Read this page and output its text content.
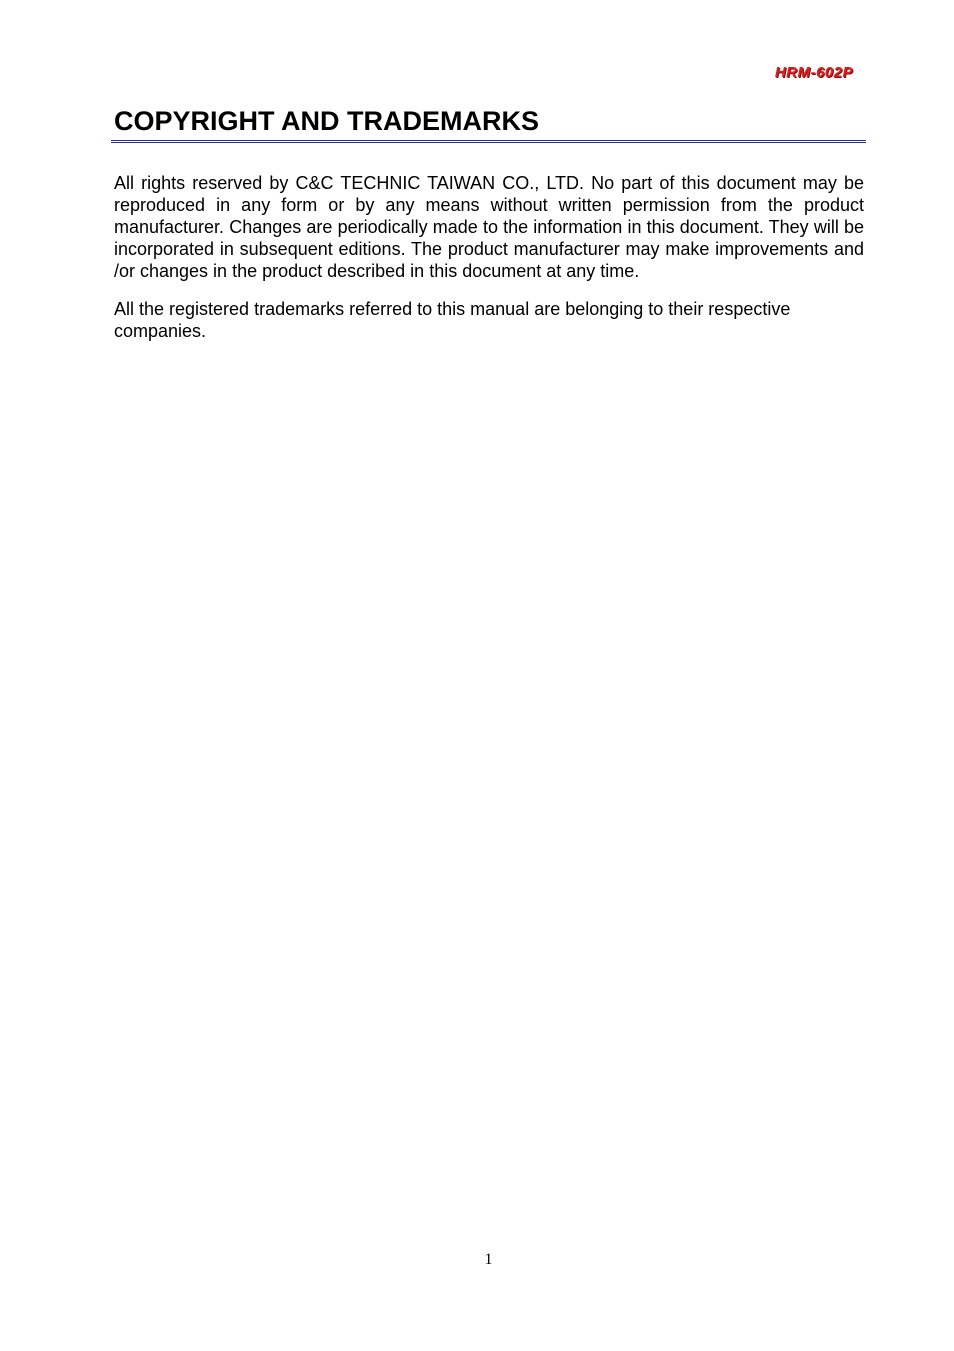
HRM-602P
COPYRIGHT AND TRADEMARKS

All rights reserved by C&C TECHNIC TAIWAN CO., LTD. No part of this document may be reproduced in any form or by any means without written permission from the product manufacturer. Changes are periodically made to the information in this document. They will be incorporated in subsequent editions. The product manufacturer may make improvements and /or changes in the product described in this document at any time.

All the registered trademarks referred to this manual are belonging to their respective companies.

1
